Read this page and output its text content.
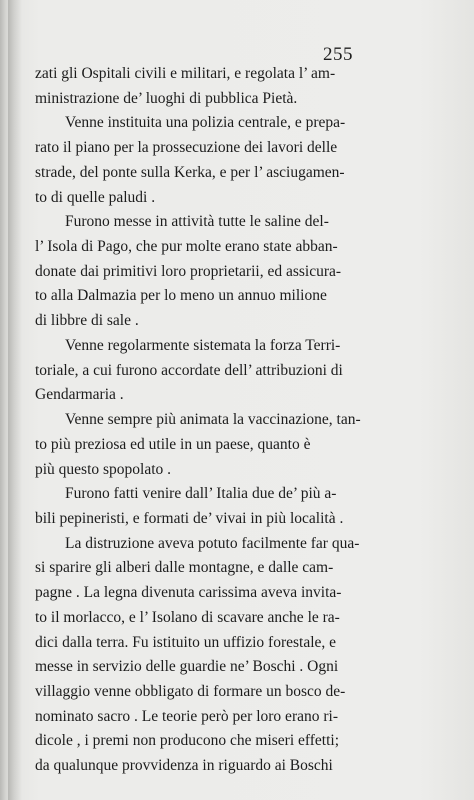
255
zati gli Ospitali civili e militari, e regolata l’ am-
ministrazione de’ luoghi di pubblica Pietà.
Venne instituita una polizia centrale, e prepa-
rato il piano per la prossecuzione dei lavori delle
strade, del ponte sulla Kerka, e per l’ asciugamen-
to di quelle paludi .
Furono messe in attività tutte le saline del-
l’ Isola di Pago, che pur molte erano state abban-
donate dai primitivi loro proprietarii, ed assicura-
to alla Dalmazia per lo meno un annuo milione
di libbre di sale .
Venne regolarmente sistemata la forza Terri-
toriale, a cui furono accordate dell’ attribuzioni di
Gendarmaria .
Venne sempre più animata la vaccinazione, tan-
to più preziosa ed utile in un paese, quanto è
più questo spopolato .
Furono fatti venire dall’ Italia due de’ più a-
bili pepineristi, e formati de’ vivai in più località .
La distruzione aveva potuto facilmente far qua-
si sparire gli alberi dalle montagne, e dalle cam-
pagne . La legna divenuta carissima aveva invita-
to il morlacco, e l’ Isolano di scavare anche le ra-
dici dalla terra. Fu istituito un uffizio forestale, e
messe in servizio delle guardie ne’ Boschi . Ogni
villaggio venne obbligato di formare un bosco de-
nominato sacro . Le teorie però per loro erano ri-
dicole , i premi non producono che miseri effetti;
da qualunque provvidenza in riguardo ai Boschi
